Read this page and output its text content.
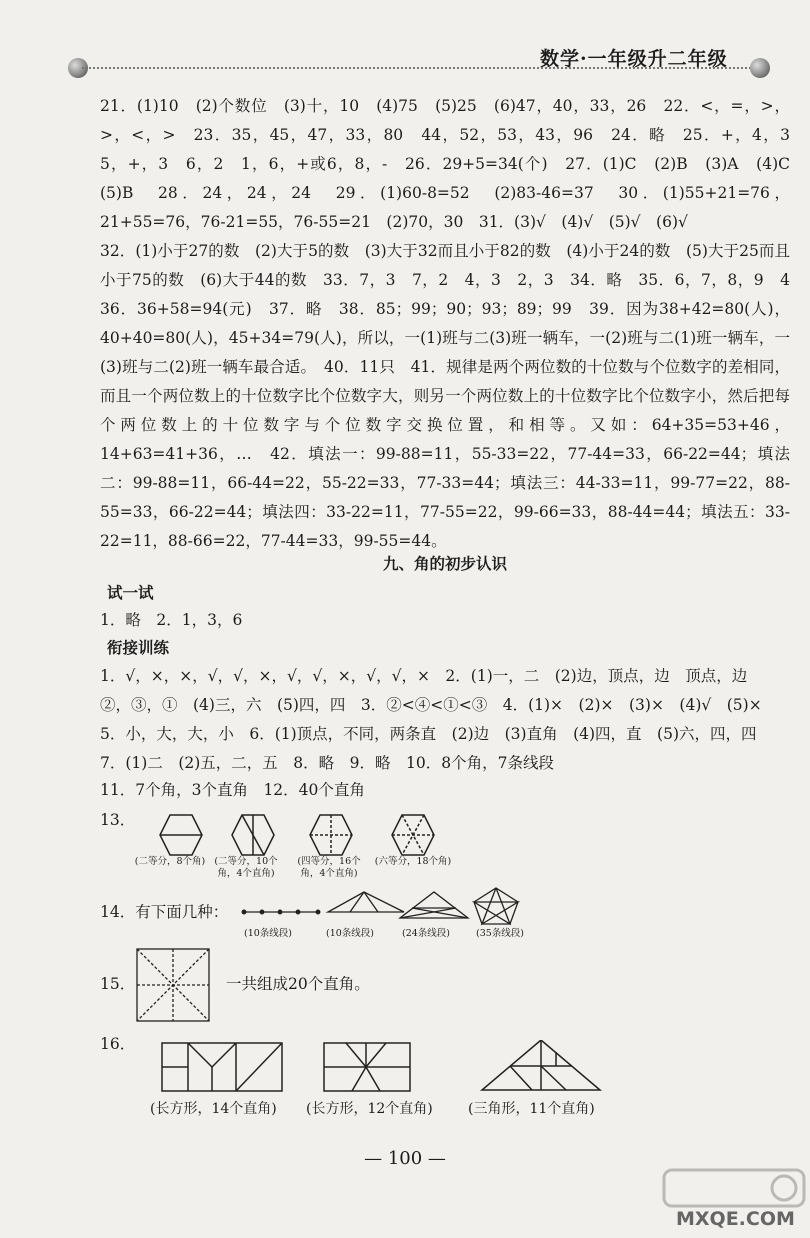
数学·一年级升二年级

21．(1)10　(2)个数位　(3)十，10　(4)75　(5)25　(6)47，40，33，26　22．<，=，>，>，<，>　23．35，45，47，33，80　44，52，53，43，96　24．略　25．+，4，3　5，+，3　6，2　1，6，+或6，8，-　26．29+5=34(个)　27．(1)C　(2)B　(3)A　(4)C　(5)B　28．24，24，24　29．(1)60-8=52　(2)83-46=37　30．(1)55+21=76，21+55=76，76-21=55，76-55=21　(2)70，30　31．(3)√　(4)√　(5)√　(6)√

32．(1)小于27的数　(2)大于5的数　(3)大于32而且小于82的数　(4)小于24的数　(5)大于25而且小于75的数　(6)大于44的数　33．7，3　7，2　4，3　2，3　34．略　35．6，7，8，9　4　36．36+58=94(元)　37．略　38．85；99；90；93；89；99　39．因为38+42=80(人)，40+40=80(人)，45+34=79(人)，所以，一(1)班与二(3)班一辆车，一(2)班与二(1)班一辆车，一(3)班与二(2)班一辆车最合适。　40．11只　41．规律是两个两位数的十位数与个位数字的差相同，而且一个两位数上的十位数字比个位数字大，则另一个两位数上的十位数字比个位数字小，然后把每个两位数上的十位数字与个位数字交换位置，和相等。又如：64+35=53+46，14+63=41+36，…　42．填法一：99-88=11，55-33=22，77-44=33，66-22=44；填法二：99-88=11，66-44=22，55-22=33，77-33=44；填法三：44-33=11，99-77=22，88-55=33，66-22=44；填法四：33-22=11，77-55=22，99-66=33，88-44=44；填法五：33-22=11，88-66=22，77-44=33，99-55=44。

九、角的初步认识
试一试
1．略　2．1，3，6
衔接训练
1．√，×，×，√，√，×，√，√，×，√，√，×　2．(1)一，二　(2)边，顶点，边　顶点，边　②，③，①　(4)三，六　(5)四，四　3．②<④<①<③　4．(1)×　(2)×　(3)×　(4)√　(5)×　5．小，大，大，小　6．(1)顶点，不同，两条直　(2)边　(3)直角　(4)四，直　(5)六，四，四　7．(1)二　(2)五，二，五　8．略　9．略　10．8个角，7条线段
11．7个角，3个直角　12．40个直角
13．
(二等分，8个角) (二等分，10个角，4个直角)
(四等分，16个角，4个直角)
(六等分，18个角)
14．有下面几种：
(10条线段)	(10条线段)	(24条线段)	(35条线段)
15．	一共组成20个直角。
16．
(长方形，14个直角) (长方形，12个直角)	(三角形，11个直角)
— 100 —
MXQE.COM
